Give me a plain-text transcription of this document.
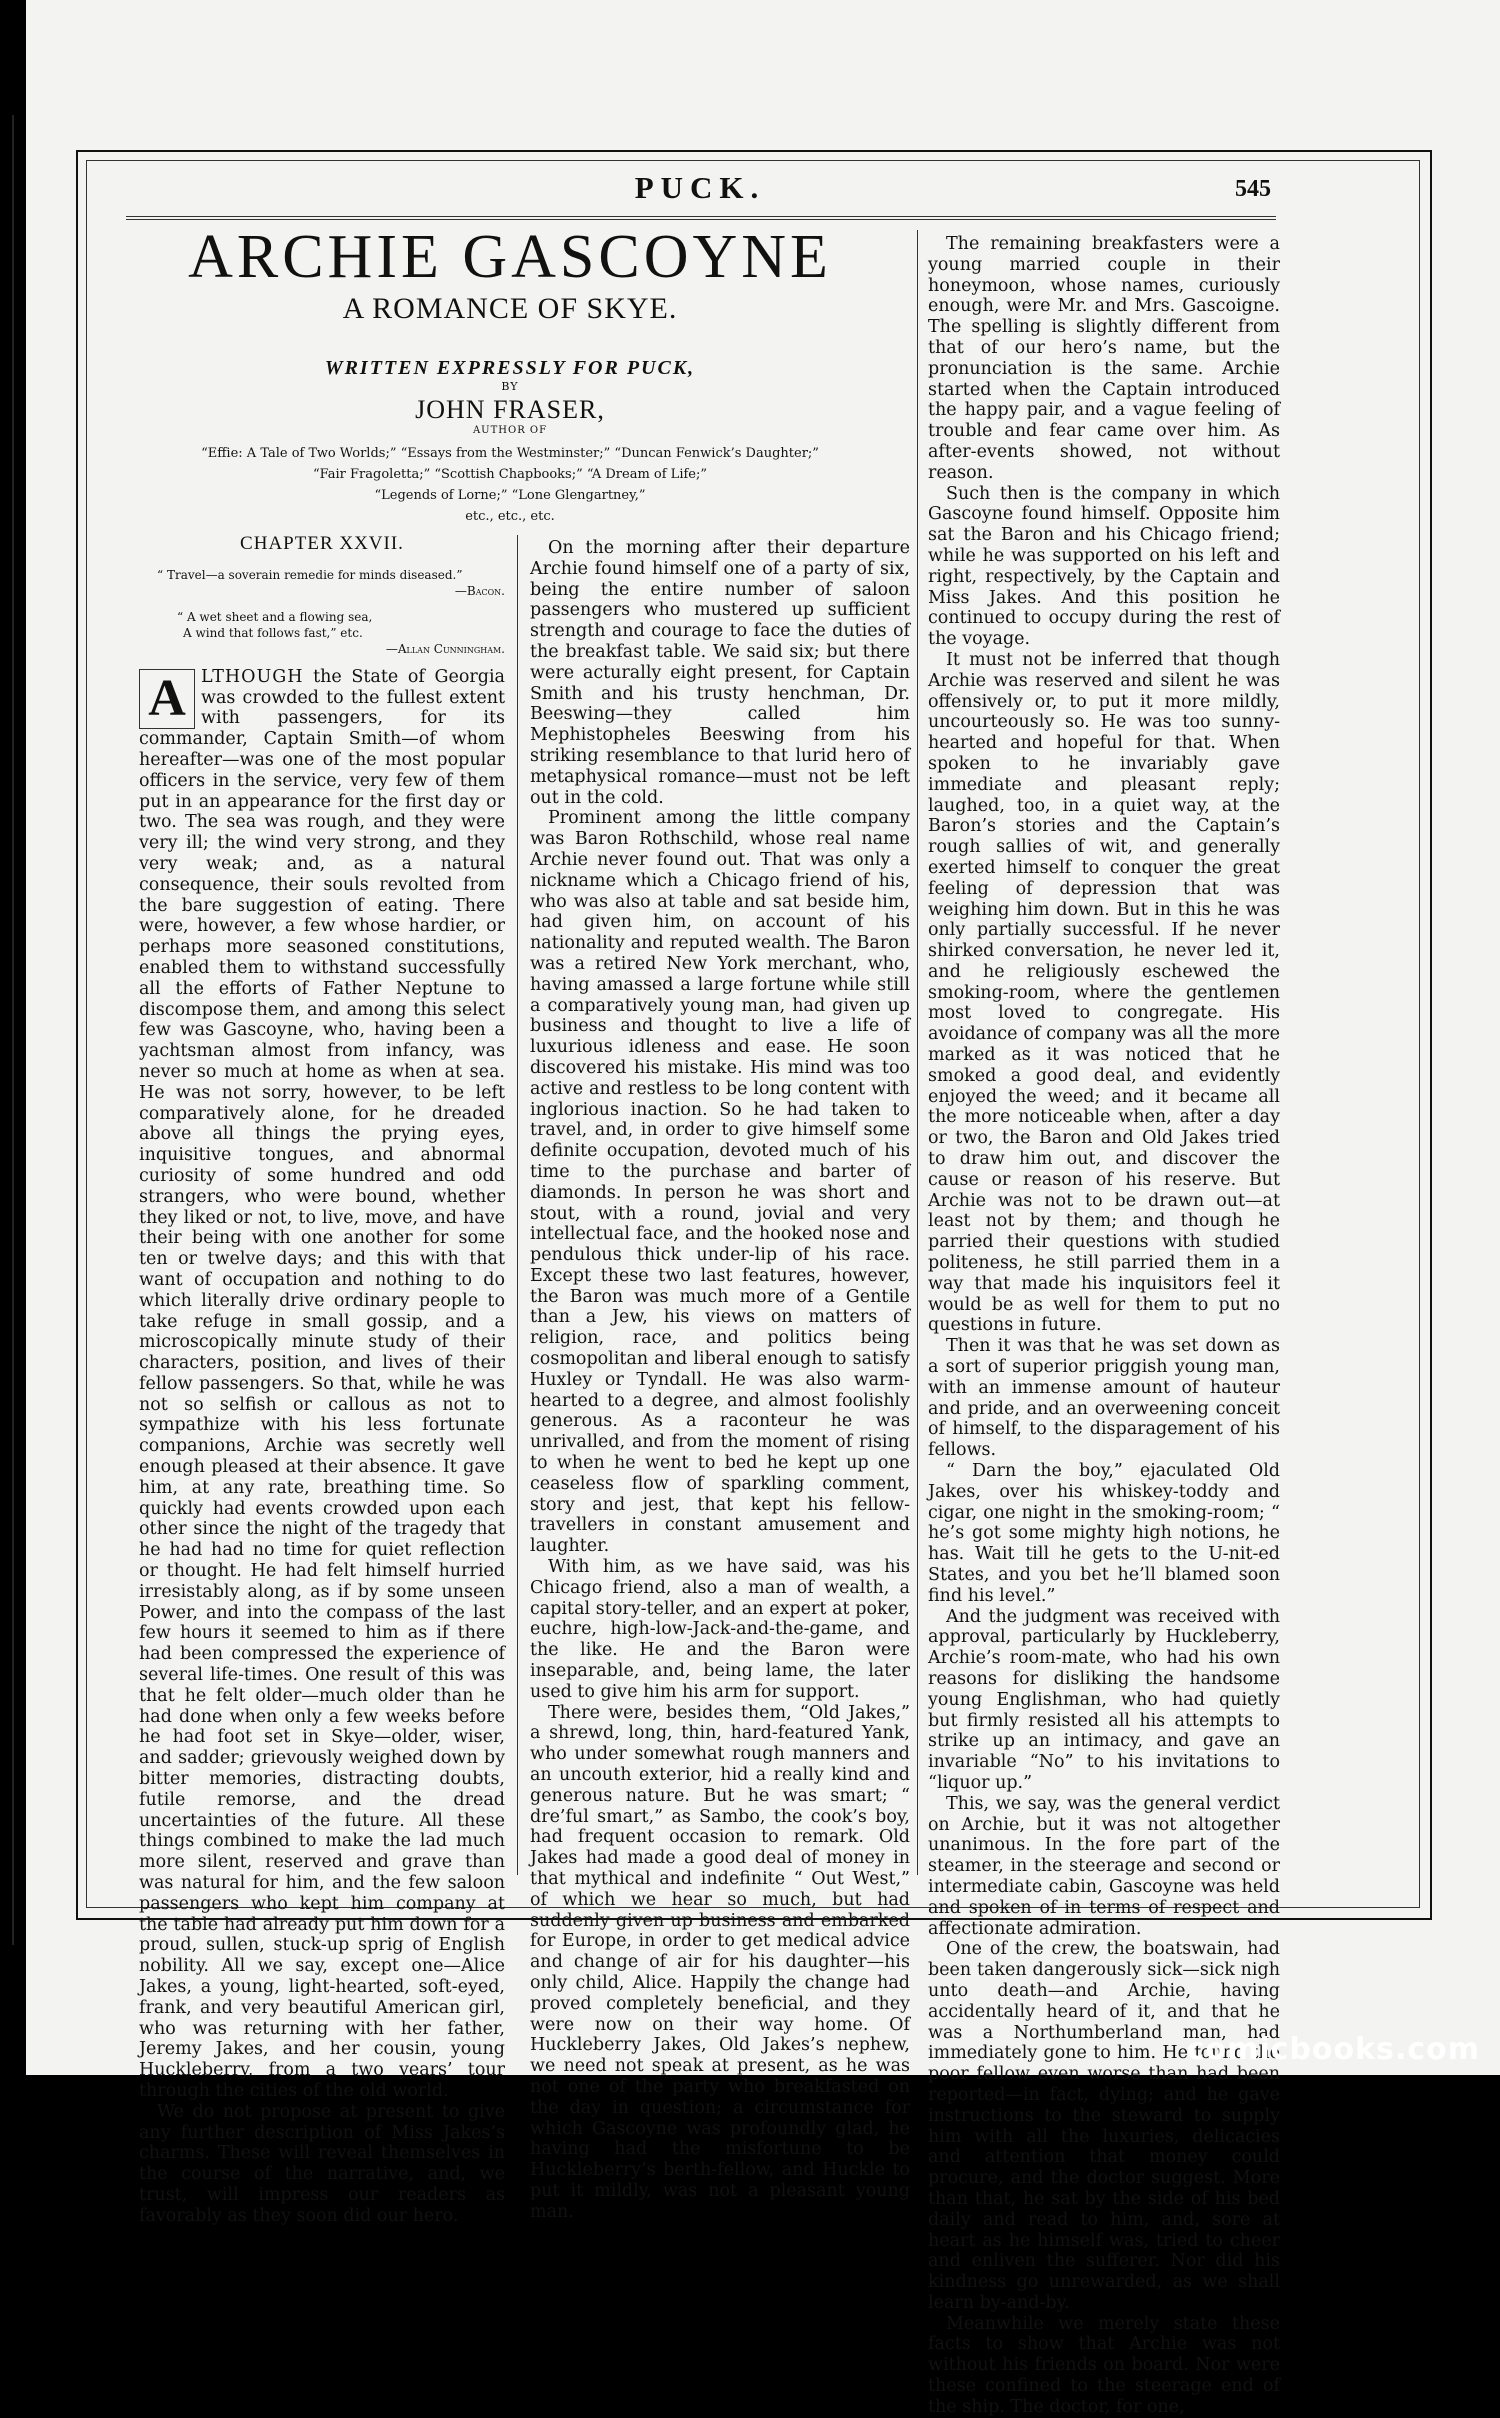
PUCK.	545
ARCHIE GASCOYNE
A ROMANCE OF SKYE.
WRITTEN EXPRESSLY FOR PUCK,
BY
JOHN FRASER,
AUTHOR OF
“Effie: A Tale of Two Worlds;” “Essays from the Westminster;” “Duncan Fenwick’s Daughter;”
“Fair Fragoletta;” “Scottish Chapbooks;” “A Dream of Life;”
“Legends of Lorne;” “Lone Glengartney,”
etc., etc., etc.
CHAPTER XXVII.

“ Travel—a soverain remedie for minds diseased.”

—Bacon.

“ A wet sheet and a flowing sea,

A wind that follows fast,” etc.

—Allan Cunningham.

A LTHOUGH the State of Georgia was crowded to the fullest extent with passengers, for its commander, Captain Smith—of whom hereafter—was one of the most popular officers in the service, very few of them put in an appearance for the first day or two. The sea was rough, and they were very ill; the wind very strong, and they very weak; and, as a natural consequence, their souls revolted from the bare suggestion of eating. There were, however, a few whose hardier, or perhaps more seasoned constitutions, enabled them to withstand successfully all the efforts of Father Neptune to discompose them, and among this select few was Gascoyne, who, having been a yachtsman almost from infancy, was never so much at home as when at sea. He was not sorry, however, to be left comparatively alone, for he dreaded above all things the prying eyes, inquisitive tongues, and abnormal curiosity of some hundred and odd strangers, who were bound, whether they liked or not, to live, move, and have their being with one another for some ten or twelve days; and this with that want of occupation and nothing to do which literally drive ordinary people to take refuge in small gossip, and a microscopically minute study of their characters, position, and lives of their fellow passengers. So that, while he was not so selfish or callous as not to sympathize with his less fortunate companions, Archie was secretly well enough pleased at their absence. It gave him, at any rate, breathing time. So quickly had events crowded upon each other since the night of the tragedy that he had had no time for quiet reflection or thought. He had felt himself hurried irresistably along, as if by some unseen Power, and into the compass of the last few hours it seemed to him as if there had been compressed the experience of several life-times. One result of this was that he felt older—much older than he had done when only a few weeks before he had foot set in Skye—older, wiser, and sadder; grievously weighed down by bitter memories, distracting doubts, futile remorse, and the dread uncertainties of the future. All these things combined to make the lad much more silent, reserved and grave than was natural for him, and the few saloon passengers who kept him company at the table had already put him down for a proud, sullen, stuck-up sprig of English nobility. All we say, except one—Alice Jakes, a young, light-hearted, soft-eyed, frank, and very beautiful American girl, who was returning with her father, Jeremy Jakes, and her cousin, young Huckleberry, from a two years’ tour through the cities of the old world.

We do not propose at present to give any further description of Miss Jakes’s charms. These will reveal themselves in the course of the narrative, and, we trust, will impress our readers as favorably as they soon did our hero.

On the morning after their departure Archie found himself one of a party of six, being the entire number of saloon passengers who mustered up sufficient strength and courage to face the duties of the breakfast table. We said six; but there were acturally eight present, for Captain Smith and his trusty henchman, Dr. Beeswing—they called him Mephistopheles Beeswing from his striking resemblance to that lurid hero of metaphysical romance—must not be left out in the cold.

Prominent among the little company was Baron Rothschild, whose real name Archie never found out. That was only a nickname which a Chicago friend of his, who was also at table and sat beside him, had given him, on account of his nationality and reputed wealth. The Baron was a retired New York merchant, who, having amassed a large fortune while still a comparatively young man, had given up business and thought to live a life of luxurious idleness and ease. He soon discovered his mistake. His mind was too active and restless to be long content with inglorious inaction. So he had taken to travel, and, in order to give himself some definite occupation, devoted much of his time to the purchase and barter of diamonds. In person he was short and stout, with a round, jovial and very intellectual face, and the hooked nose and pendulous thick under-lip of his race. Except these two last features, however, the Baron was much more of a Gentile than a Jew, his views on matters of religion, race, and politics being cosmopolitan and liberal enough to satisfy Huxley or Tyndall. He was also warm-hearted to a degree, and almost foolishly generous. As a raconteur he was unrivalled, and from the moment of rising to when he went to bed he kept up one ceaseless flow of sparkling comment, story and jest, that kept his fellow-travellers in constant amusement and laughter.

With him, as we have said, was his Chicago friend, also a man of wealth, a capital story-teller, and an expert at poker, euchre, high-low-Jack-and-the-game, and the like. He and the Baron were inseparable, and, being lame, the later used to give him his arm for support.

There were, besides them, “Old Jakes,” a shrewd, long, thin, hard-featured Yank, who under somewhat rough manners and an uncouth exterior, hid a really kind and generous nature. But he was smart; “ dre’ful smart,” as Sambo, the cook’s boy, had frequent occasion to remark. Old Jakes had made a good deal of money in that mythical and indefinite “ Out West,” of which we hear so much, but had suddenly given up business and embarked for Europe, in order to get medical advice and change of air for his daughter—his only child, Alice. Happily the change had proved completely beneficial, and they were now on their way home. Of Huckleberry Jakes, Old Jakes’s nephew, we need not speak at present, as he was not one of the party who breakfasted on the day in question; a circumstance for which Gascoyne was profoundly glad, he having had the misfortune to be Huckleberry’s berth-fellow, and Huckle to put it mildly, was not a pleasant young man.

The remaining breakfasters were a young married couple in their honeymoon, whose names, curiously enough, were Mr. and Mrs. Gascoigne. The spelling is slightly different from that of our hero’s name, but the pronunciation is the same. Archie started when the Captain introduced the happy pair, and a vague feeling of trouble and fear came over him. As after-events showed, not without reason.

Such then is the company in which Gascoyne found himself. Opposite him sat the Baron and his Chicago friend; while he was supported on his left and right, respectively, by the Captain and Miss Jakes. And this position he continued to occupy during the rest of the voyage.

It must not be inferred that though Archie was reserved and silent he was offensively or, to put it more mildly, uncourteously so. He was too sunny-hearted and hopeful for that. When spoken to he invariably gave immediate and pleasant reply; laughed, too, in a quiet way, at the Baron’s stories and the Captain’s rough sallies of wit, and generally exerted himself to conquer the great feeling of depression that was weighing him down. But in this he was only partially successful. If he never shirked conversation, he never led it, and he religiously eschewed the smoking-room, where the gentlemen most loved to congregate. His avoidance of company was all the more marked as it was noticed that he smoked a good deal, and evidently enjoyed the weed; and it became all the more noticeable when, after a day or two, the Baron and Old Jakes tried to draw him out, and discover the cause or reason of his reserve. But Archie was not to be drawn out—at least not by them; and though he parried their questions with studied politeness, he still parried them in a way that made his inquisitors feel it would be as well for them to put no questions in future.

Then it was that he was set down as a sort of superior priggish young man, with an immense amount of hauteur and pride, and an overweening conceit of himself, to the disparagement of his fellows.

“ Darn the boy,” ejaculated Old Jakes, over his whiskey-toddy and cigar, one night in the smoking-room; “ he’s got some mighty high notions, he has. Wait till he gets to the U-nit-ed States, and you bet he’ll blamed soon find his level.”

And the judgment was received with approval, particularly by Huckleberry, Archie’s room-mate, who had his own reasons for disliking the handsome young Englishman, who had quietly but firmly resisted all his attempts to strike up an intimacy, and gave an invariable “No” to his invitations to “liquor up.”

This, we say, was the general verdict on Archie, but it was not altogether unanimous. In the fore part of the steamer, in the steerage and second or intermediate cabin, Gascoyne was held and spoken of in terms of respect and affectionate admiration.

One of the crew, the boatswain, had been taken dangerously sick—sick nigh unto death—and Archie, having accidentally heard of it, and that he was a Northumberland man, had immediately gone to him. He found the poor fellow even worse than had been reported—in fact, dying; and he gave instructions to the steward to supply him with all the luxuries, delicacies and attention that money could procure, and the doctor suggest. More than that, he sat by the side of his bed daily and read to him, and, sore at heart as he himself was, tried to cheer and enliven the sufferer. Nor did his kindness go unrewarded, as we shall learn by-and-by.

Meanwhile we merely state these facts to show that Archie was not without his friends on board. Nor were these confined to the steerage end of the ship. The doctor, for one,

comicbooks.com
